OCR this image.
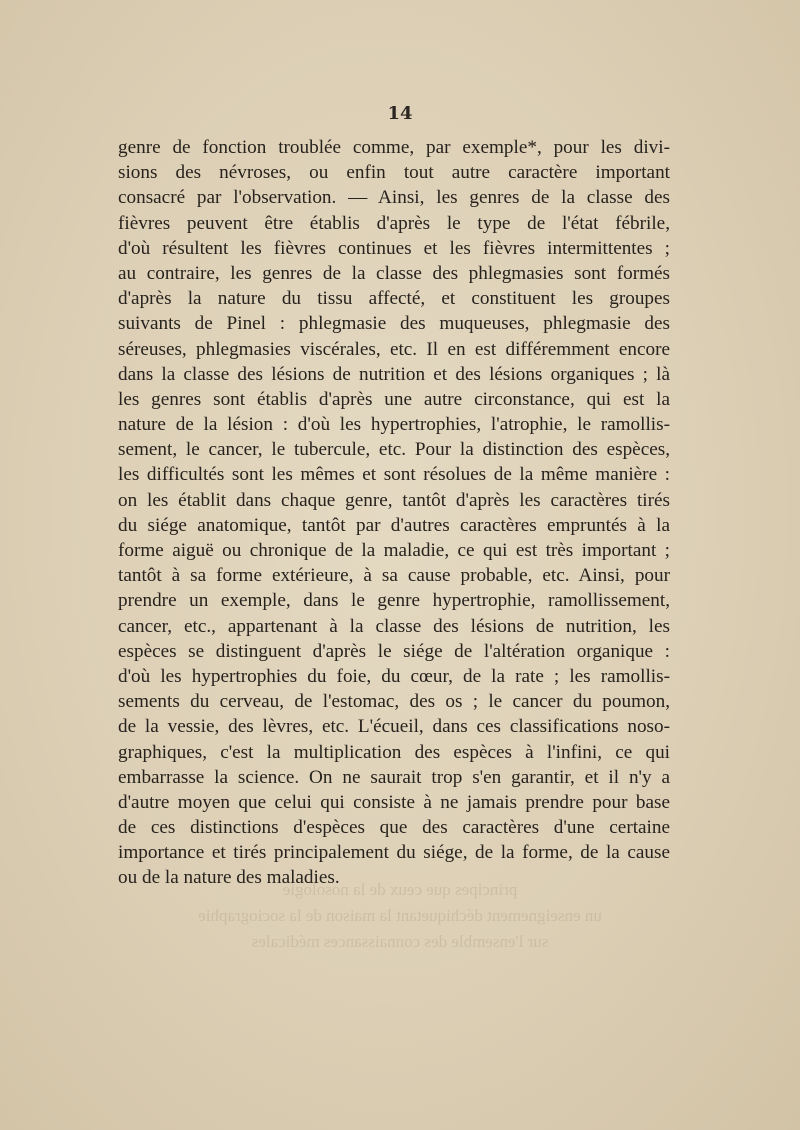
14
genre de fonction troublée comme, par exemple*, pour les divi-
sions des névroses, ou enfin tout autre caractère important
consacré par l'observation. — Ainsi, les genres de la classe des
fièvres peuvent être établis d'après le type de l'état fébrile,
d'où résultent les fièvres continues et les fièvres intermittentes ;
au contraire, les genres de la classe des phlegmasies sont formés
d'après la nature du tissu affecté, et constituent les groupes
suivants de Pinel : phlegmasie des muqueuses, phlegmasie des
séreuses, phlegmasies viscérales, etc. Il en est différemment encore
dans la classe des lésions de nutrition et des lésions organiques ; là
les genres sont établis d'après une autre circonstance, qui est la
nature de la lésion : d'où les hypertrophies, l'atrophie, le ramollis-
sement, le cancer, le tubercule, etc. Pour la distinction des espèces,
les difficultés sont les mêmes et sont résolues de la même manière :
on les établit dans chaque genre, tantôt d'après les caractères tirés
du siége anatomique, tantôt par d'autres caractères empruntés à la
forme aiguë ou chronique de la maladie, ce qui est très important ;
tantôt à sa forme extérieure, à sa cause probable, etc. Ainsi, pour
prendre un exemple, dans le genre hypertrophie, ramollissement,
cancer, etc., appartenant à la classe des lésions de nutrition, les
espèces se distinguent d'après le siége de l'altération organique :
d'où les hypertrophies du foie, du cœur, de la rate ; les ramollis-
sements du cerveau, de l'estomac, des os ; le cancer du poumon,
de la vessie, des lèvres, etc. L'écueil, dans ces classifications noso-
graphiques, c'est la multiplication des espèces à l'infini, ce qui
embarrasse la science. On ne saurait trop s'en garantir, et il n'y a
d'autre moyen que celui qui consiste à ne jamais prendre pour base
de ces distinctions d'espèces que des caractères d'une certaine
importance et tirés principalement du siége, de la forme, de la cause
ou de la nature des maladies.
principes que ceux de la nosologie
un enseignement déchiquetant la maison de la sociographie
sur l'ensemble des connaissances médicales
